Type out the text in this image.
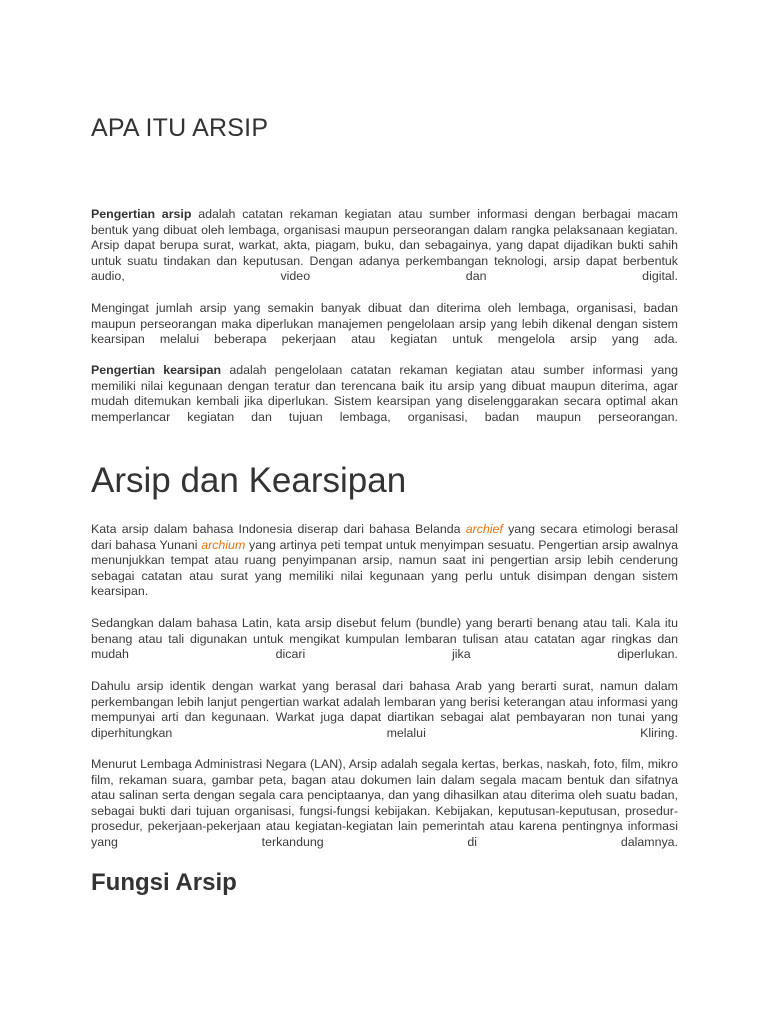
APA ITU ARSIP

Pengertian arsip adalah catatan rekaman kegiatan atau sumber informasi dengan berbagai macam bentuk yang dibuat oleh lembaga, organisasi maupun perseorangan dalam rangka pelaksanaan kegiatan. Arsip dapat berupa surat, warkat, akta, piagam, buku, dan sebagainya, yang dapat dijadikan bukti sahih untuk suatu tindakan dan keputusan. Dengan adanya perkembangan teknologi, arsip dapat berbentuk audio, video dan digital.

Mengingat jumlah arsip yang semakin banyak dibuat dan diterima oleh lembaga, organisasi, badan maupun perseorangan maka diperlukan manajemen pengelolaan arsip yang lebih dikenal dengan sistem kearsipan melalui beberapa pekerjaan atau kegiatan untuk mengelola arsip yang ada.

Pengertian kearsipan adalah pengelolaan catatan rekaman kegiatan atau sumber informasi yang memiliki nilai kegunaan dengan teratur dan terencana baik itu arsip yang dibuat maupun diterima, agar mudah ditemukan kembali jika diperlukan. Sistem kearsipan yang diselenggarakan secara optimal akan memperlancar kegiatan dan tujuan lembaga, organisasi, badan maupun perseorangan.

Arsip dan Kearsipan

Kata arsip dalam bahasa Indonesia diserap dari bahasa Belanda archief yang secara etimologi berasal dari bahasa Yunani archium yang artinya peti tempat untuk menyimpan sesuatu. Pengertian arsip awalnya menunjukkan tempat atau ruang penyimpanan arsip, namun saat ini pengertian arsip lebih cenderung sebagai catatan atau surat yang memiliki nilai kegunaan yang perlu untuk disimpan dengan sistem kearsipan.

Sedangkan dalam bahasa Latin, kata arsip disebut felum (bundle) yang berarti benang atau tali. Kala itu benang atau tali digunakan untuk mengikat kumpulan lembaran tulisan atau catatan agar ringkas dan mudah dicari jika diperlukan.

Dahulu arsip identik dengan warkat yang berasal dari bahasa Arab yang berarti surat, namun dalam perkembangan lebih lanjut pengertian warkat adalah lembaran yang berisi keterangan atau informasi yang mempunyai arti dan kegunaan. Warkat juga dapat diartikan sebagai alat pembayaran non tunai yang diperhitungkan melalui Kliring.

Menurut Lembaga Administrasi Negara (LAN), Arsip adalah segala kertas, berkas, naskah, foto, film, mikro film, rekaman suara, gambar peta, bagan atau dokumen lain dalam segala macam bentuk dan sifatnya atau salinan serta dengan segala cara penciptaanya, dan yang dihasilkan atau diterima oleh suatu badan, sebagai bukti dari tujuan organisasi, fungsi-fungsi kebijakan. Kebijakan, keputusan-keputusan, prosedur-prosedur, pekerjaan-pekerjaan atau kegiatan-kegiatan lain pemerintah atau karena pentingnya informasi yang terkandung di dalamnya.

Fungsi Arsip
